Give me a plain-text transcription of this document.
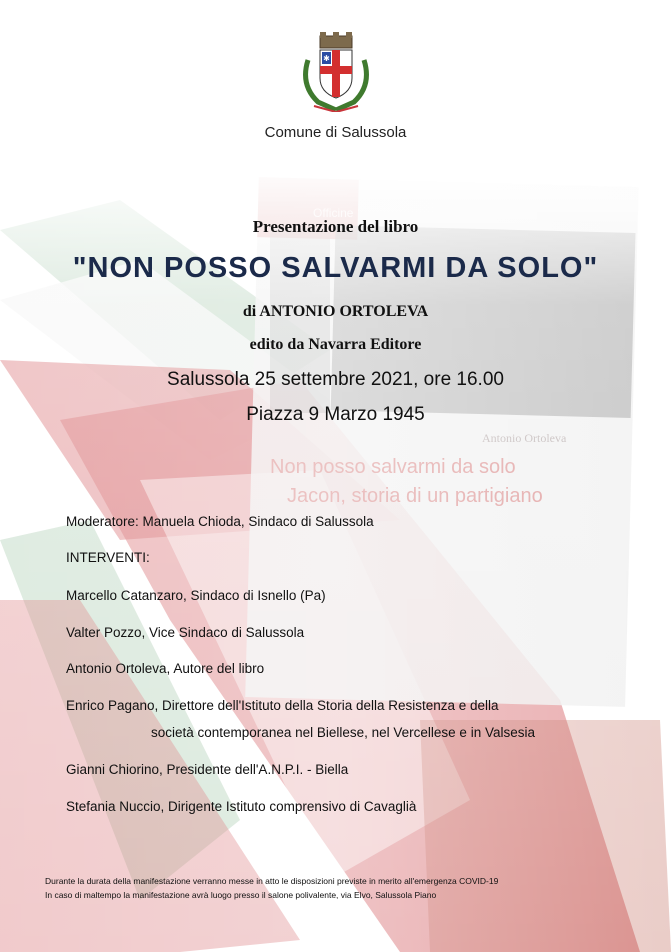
✱
Comune di Salussola
Presentazione del libro
"NON POSSO SALVARMI DA SOLO"
di ANTONIO ORTOLEVA
edito da Navarra Editore
Salussola 25 settembre 2021, ore 16.00
Piazza 9 Marzo 1945
Moderatore: Manuela Chioda, Sindaco di Salussola
INTERVENTI:
Marcello Catanzaro, Sindaco di Isnello (Pa)
Valter Pozzo, Vice Sindaco di Salussola
Antonio Ortoleva, Autore del libro
Enrico Pagano, Direttore dell'Istituto della Storia della Resistenza e della
società contemporanea nel Biellese, nel Vercellese e in Valsesia
Gianni Chiorino, Presidente dell'A.N.P.I. - Biella
Stefania Nuccio, Dirigente Istituto comprensivo di Cavaglià
Durante la durata della manifestazione verranno messe in atto le disposizioni previste in merito all'emergenza COVID-19
In caso di maltempo la manifestazione avrà luogo presso il salone polivalente, via Elvo, Salussola Piano
